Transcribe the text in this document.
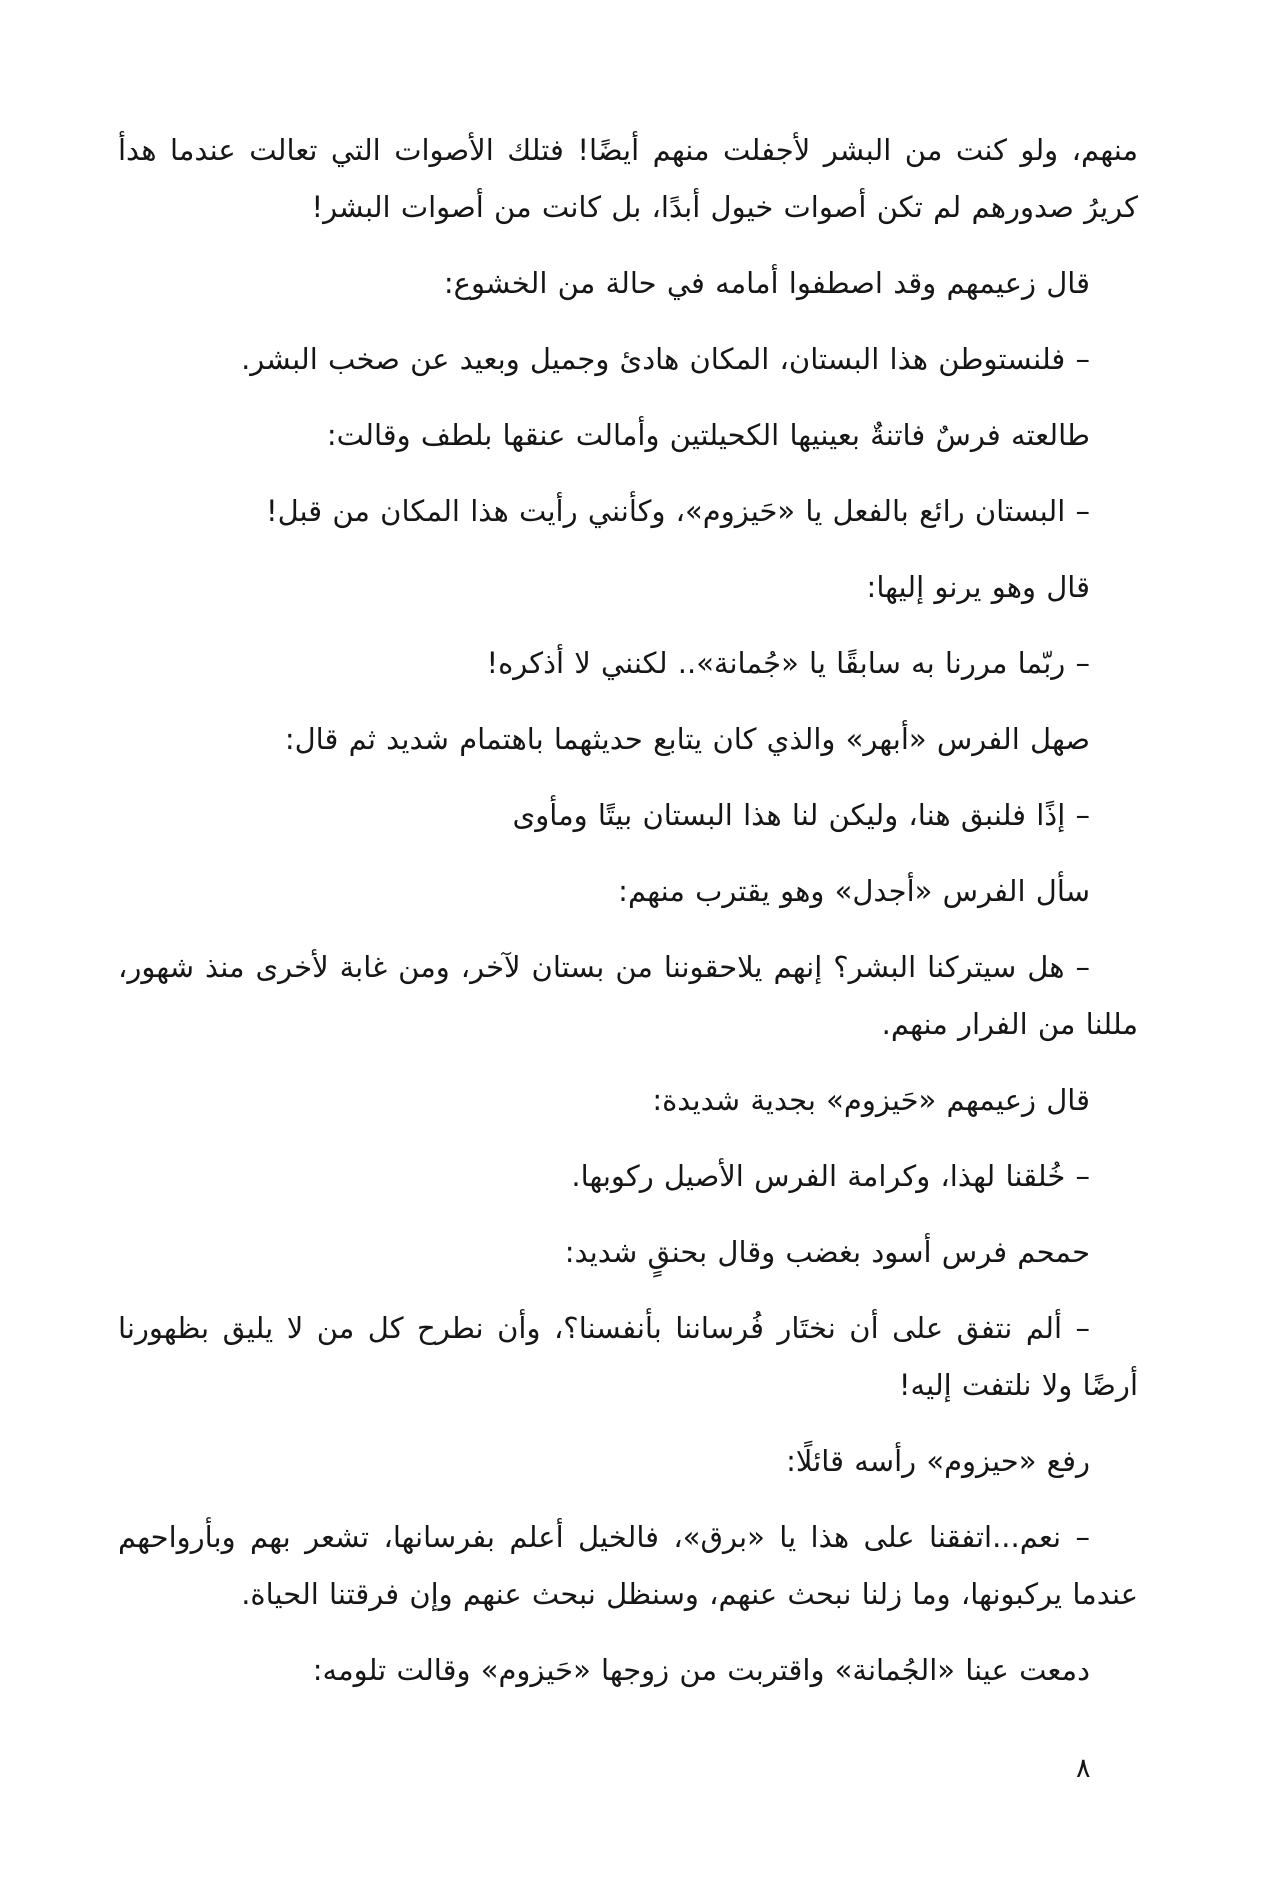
منهم، ولو كنت من البشر لأجفلت منهم أيضًا! فتلك الأصوات التي تعالت عندما هدأ كريرُ صدورهم لم تكن أصوات خيول أبدًا، بل كانت من أصوات البشر!

قال زعيمهم وقد اصطفوا أمامه في حالة من الخشوع:

– فلنستوطن هذا البستان، المكان هادئ وجميل وبعيد عن صخب البشر.

طالعته فرسٌ فاتنةٌ بعينيها الكحيلتين وأمالت عنقها بلطف وقالت:

– البستان رائع بالفعل يا «حَيزوم»، وكأنني رأيت هذا المكان من قبل!

قال وهو يرنو إليها:

– ربّما مررنا به سابقًا يا «جُمانة».. لكنني لا أذكره!

صهل الفرس «أبهر» والذي كان يتابع حديثهما باهتمام شديد ثم قال:

– إذًا فلنبق هنا، وليكن لنا هذا البستان بيتًا ومأوى

سأل الفرس «أجدل» وهو يقترب منهم:

– هل سيتركنا البشر؟ إنهم يلاحقوننا من بستان لآخر، ومن غابة لأخرى منذ شهور، مللنا من الفرار منهم.

قال زعيمهم «حَيزوم» بجدية شديدة:

– خُلقنا لهذا، وكرامة الفرس الأصيل ركوبها.

حمحم فرس أسود بغضب وقال بحنقٍ شديد:

– ألم نتفق على أن نختَار فُرساننا بأنفسنا؟، وأن نطرح كل من لا يليق بظهورنا أرضًا ولا نلتفت إليه!

رفع «حيزوم» رأسه قائلًا:

– نعم...اتفقنا على هذا يا «برق»، فالخيل أعلم بفرسانها، تشعر بهم وبأرواحهم عندما يركبونها، وما زلنا نبحث عنهم، وسنظل نبحث عنهم وإن فرقتنا الحياة.

دمعت عينا «الجُمانة» واقتربت من زوجها «حَيزوم» وقالت تلومه:

٨
